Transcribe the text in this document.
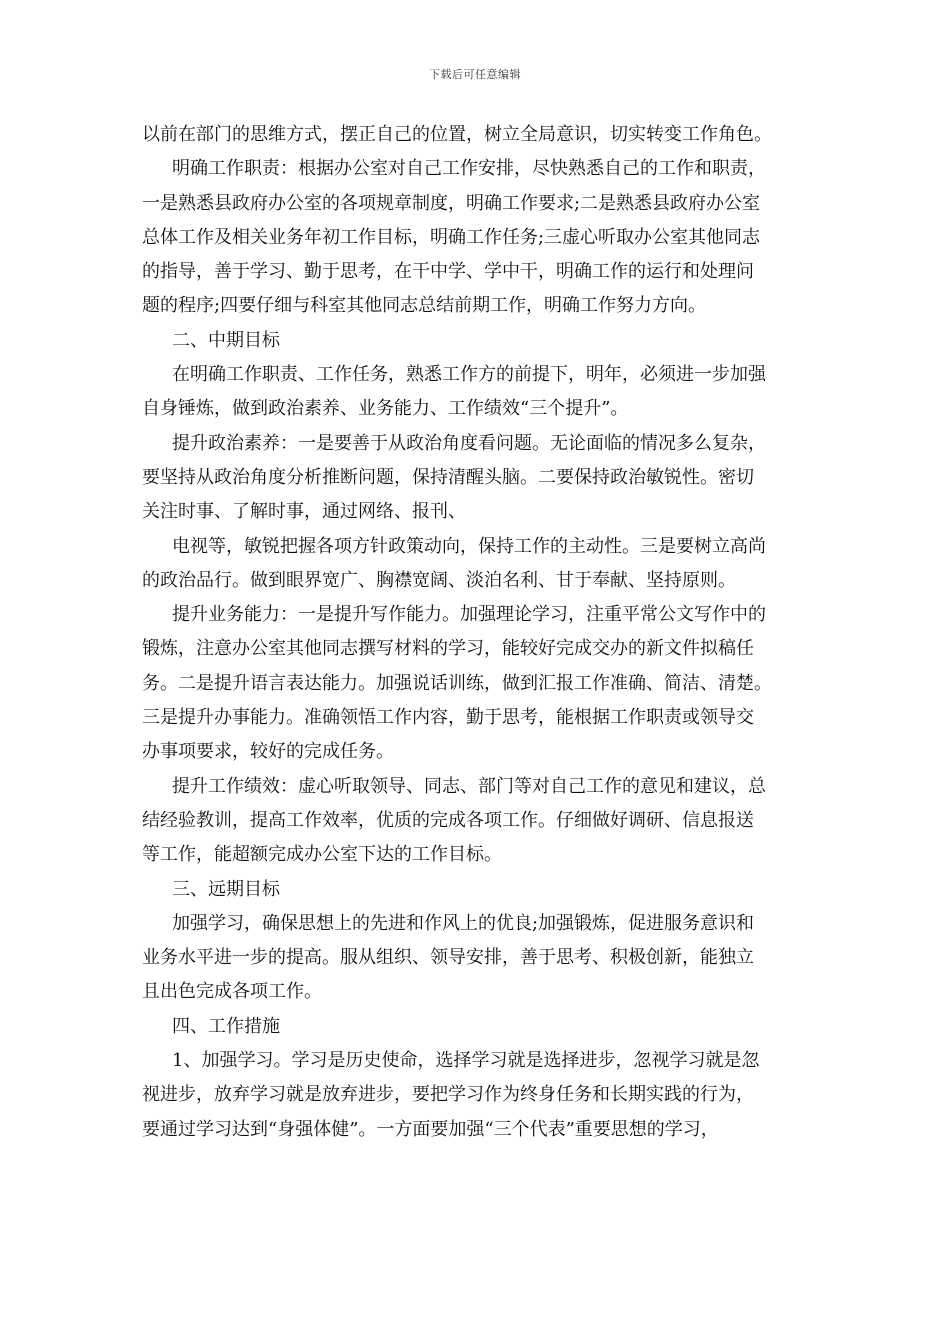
下载后可任意编辑
以前在部门的思维方式，摆正自己的位置，树立全局意识，切实转变工作角色。
明确工作职责：根据办公室对自己工作安排，尽快熟悉自己的工作和职责，
一是熟悉县政府办公室的各项规章制度，明确工作要求;二是熟悉县政府办公室
总体工作及相关业务年初工作目标，明确工作任务;三虚心听取办公室其他同志
的指导，善于学习、勤于思考，在干中学、学中干，明确工作的运行和处理问
题的程序;四要仔细与科室其他同志总结前期工作，明确工作努力方向。
二、中期目标
在明确工作职责、工作任务，熟悉工作方的前提下，明年，必须进一步加强
自身锤炼，做到政治素养、业务能力、工作绩效“三个提升”。
提升政治素养：一是要善于从政治角度看问题。无论面临的情况多么复杂，
要坚持从政治角度分析推断问题，保持清醒头脑。二要保持政治敏锐性。密切
关注时事、了解时事，通过网络、报刊、
电视等，敏锐把握各项方针政策动向，保持工作的主动性。三是要树立高尚
的政治品行。做到眼界宽广、胸襟宽阔、淡泊名利、甘于奉献、坚持原则。
提升业务能力：一是提升写作能力。加强理论学习，注重平常公文写作中的
锻炼，注意办公室其他同志撰写材料的学习，能较好完成交办的新文件拟稿任
务。二是提升语言表达能力。加强说话训练，做到汇报工作准确、简洁、清楚。
三是提升办事能力。准确领悟工作内容，勤于思考，能根据工作职责或领导交
办事项要求，较好的完成任务。
提升工作绩效：虚心听取领导、同志、部门等对自己工作的意见和建议，总
结经验教训，提高工作效率，优质的完成各项工作。仔细做好调研、信息报送
等工作，能超额完成办公室下达的工作目标。
三、远期目标
加强学习，确保思想上的先进和作风上的优良;加强锻炼，促进服务意识和
业务水平进一步的提高。服从组织、领导安排，善于思考、积极创新，能独立
且出色完成各项工作。
四、工作措施
1、加强学习。学习是历史使命，选择学习就是选择进步，忽视学习就是忽
视进步，放弃学习就是放弃进步，要把学习作为终身任务和长期实践的行为，
要通过学习达到“身强体健”。一方面要加强“三个代表”重要思想的学习，
